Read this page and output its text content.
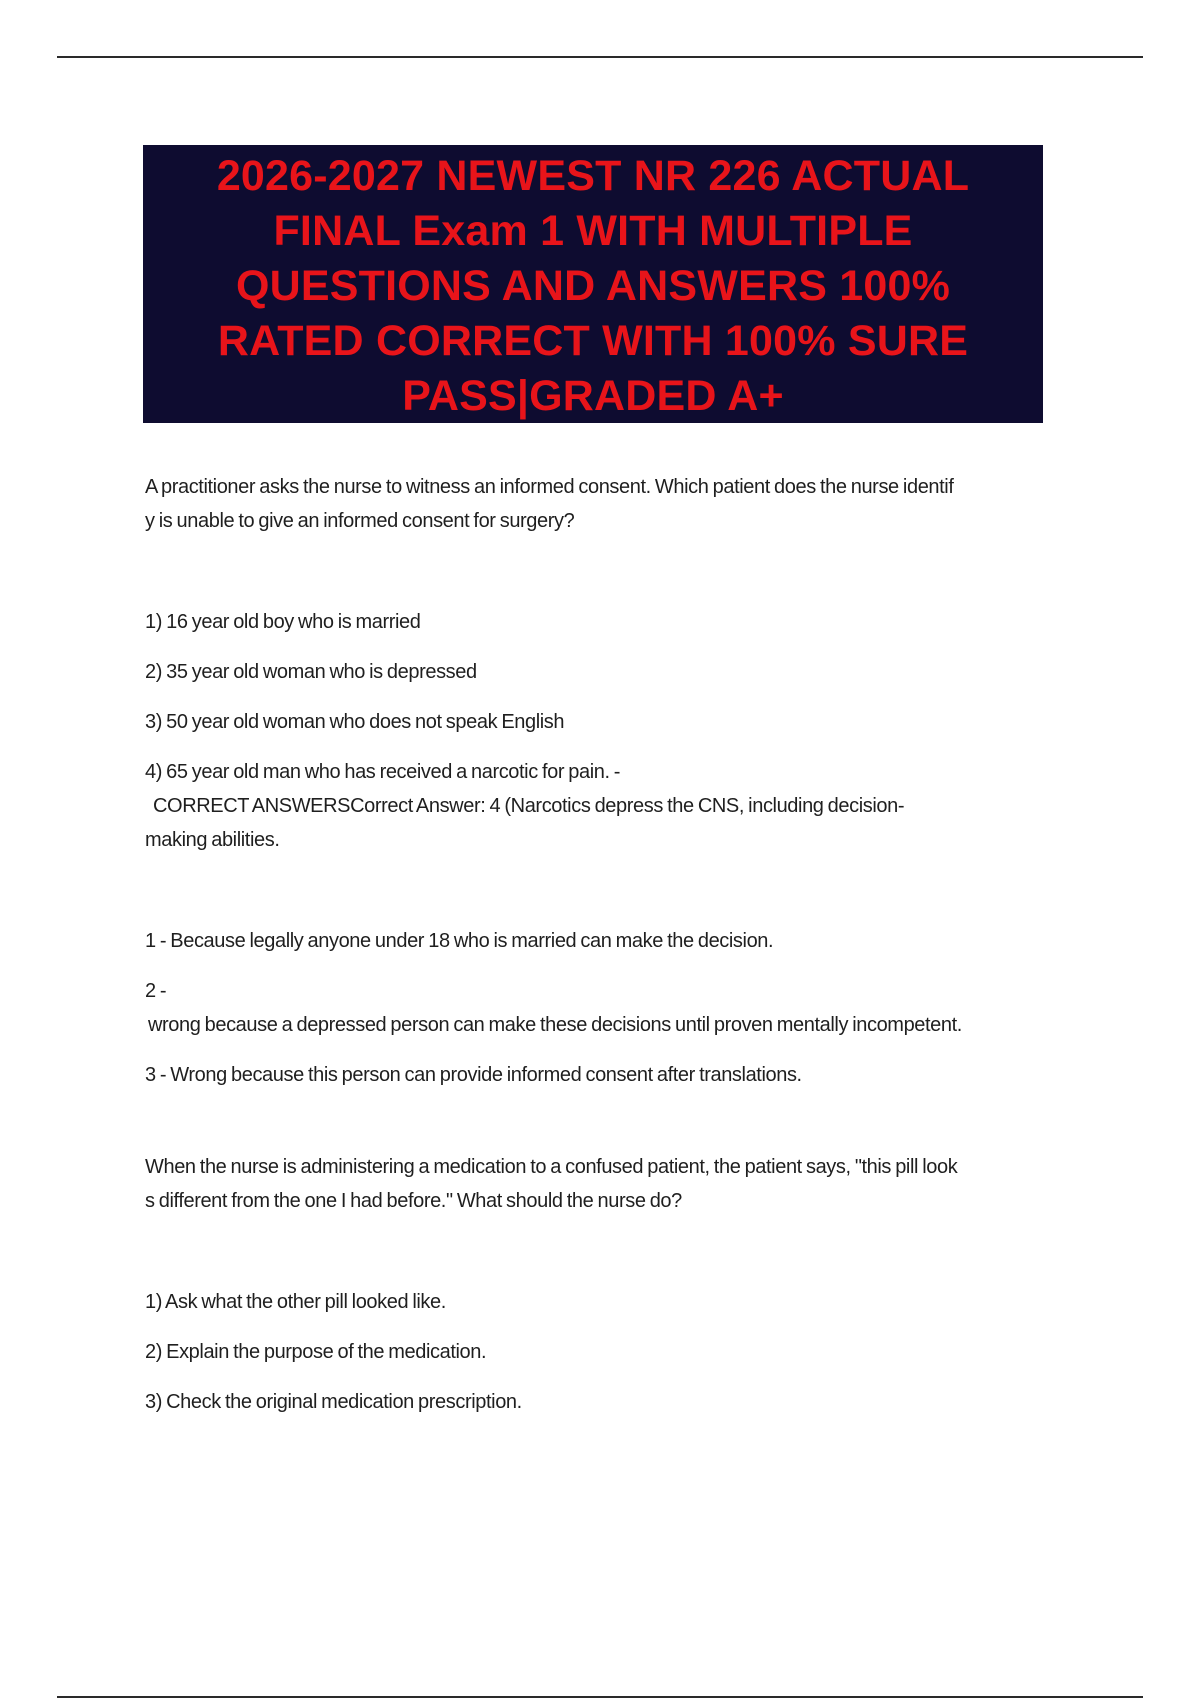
2026-2027 NEWEST NR 226 ACTUAL
FINAL Exam 1 WITH MULTIPLE
QUESTIONS AND ANSWERS 100%
RATED CORRECT WITH 100% SURE
PASS|GRADED A+
A practitioner asks the nurse to witness an informed consent. Which patient does the nurse identif
y is unable to give an informed consent for surgery?
1) 16 year old boy who is married
2) 35 year old woman who is depressed
3) 50 year old woman who does not speak English
4) 65 year old man who has received a narcotic for pain. -
CORRECT ANSWERSCorrect Answer: 4 (Narcotics depress the CNS, including decision-
making abilities.
1 - Because legally anyone under 18 who is married can make the decision.
2 -
wrong because a depressed person can make these decisions until proven mentally incompetent.
3 - Wrong because this person can provide informed consent after translations.
When the nurse is administering a medication to a confused patient, the patient says, "this pill look
s different from the one I had before." What should the nurse do?
1) Ask what the other pill looked like.
2) Explain the purpose of the medication.
3) Check the original medication prescription.
